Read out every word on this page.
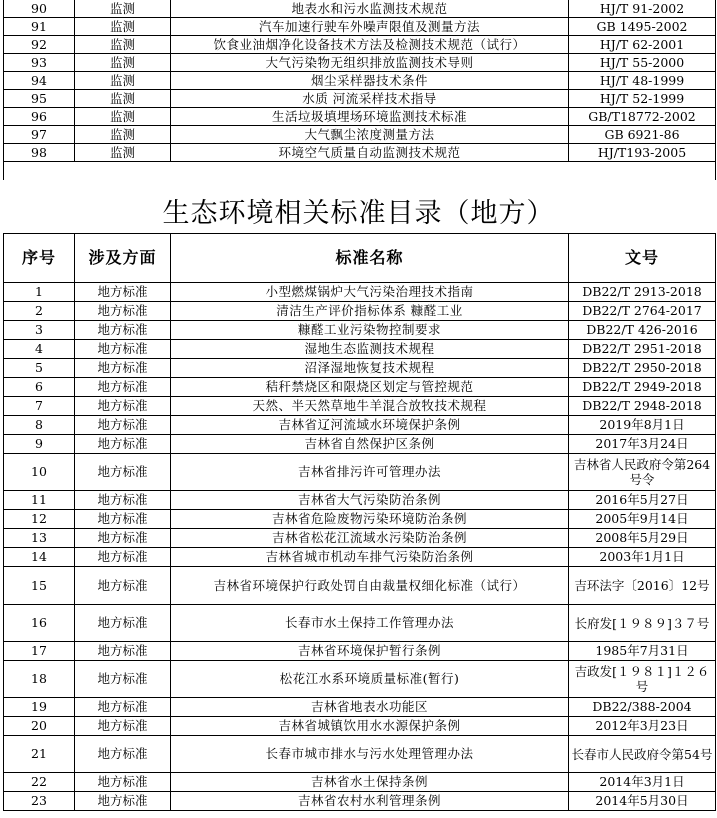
90	监测	地表水和污水监测技术规范	HJ/T 91-2002
91	监测	汽车加速行驶车外噪声限值及测量方法	GB 1495-2002
92	监测	饮食业油烟净化设备技术方法及检测技术规范（试行）	HJ/T 62-2001
93	监测	大气污染物无组织排放监测技术导则	HJ/T 55-2000
94	监测	烟尘采样器技术条件	HJ/T 48-1999
95	监测	水质 河流采样技术指导	HJ/T 52-1999
96	监测	生活垃圾填埋场环境监测技术标准	GB/T18772-2002
97	监测	大气飘尘浓度测量方法	GB 6921-86
98	监测	环境空气质量自动监测技术规范	HJ/T193-2005

生态环境相关标准目录（地方）
序号	涉及方面	标准名称	文号
1	地方标准	小型燃煤锅炉大气污染治理技术指南	DB22/T 2913-2018
2	地方标准	清洁生产评价指标体系 糠醛工业	DB22/T 2764-2017
3	地方标准	糠醛工业污染物控制要求	DB22/T 426-2016
4	地方标准	湿地生态监测技术规程	DB22/T 2951-2018
5	地方标准	沼泽湿地恢复技术规程	DB22/T 2950-2018
6	地方标准	秸秆禁烧区和限烧区划定与管控规范	DB22/T 2949-2018
7	地方标准	天然、半天然草地牛羊混合放牧技术规程	DB22/T 2948-2018
8	地方标准	吉林省辽河流域水环境保护条例	2019年8月1日
9	地方标准	吉林省自然保护区条例	2017年3月24日
10	地方标准	吉林省排污许可管理办法	吉林省人民政府令第264号令
11	地方标准	吉林省大气污染防治条例	2016年5月27日
12	地方标准	吉林省危险废物污染环境防治条例	2005年9月14日
13	地方标准	吉林省松花江流域水污染防治条例	2008年5月29日
14	地方标准	吉林省城市机动车排气污染防治条例	2003年1月1日
15	地方标准	吉林省环境保护行政处罚自由裁量权细化标准（试行）	吉环法字〔2016〕12号
16	地方标准	长春市水土保持工作管理办法	长府发[１９８９]３７号
17	地方标准	吉林省环境保护暂行条例	1985年7月31日
18	地方标准	松花江水系环境质量标准(暂行)	吉政发[１９８１]１２６号
19	地方标准	吉林省地表水功能区	DB22/388-2004
20	地方标准	吉林省城镇饮用水水源保护条例	2012年3月23日
21	地方标准	长春市城市排水与污水处理管理办法	长春市人民政府令第54号
22	地方标准	吉林省水土保持条例	2014年3月1日
23	地方标准	吉林省农村水利管理条例	2014年5月30日
